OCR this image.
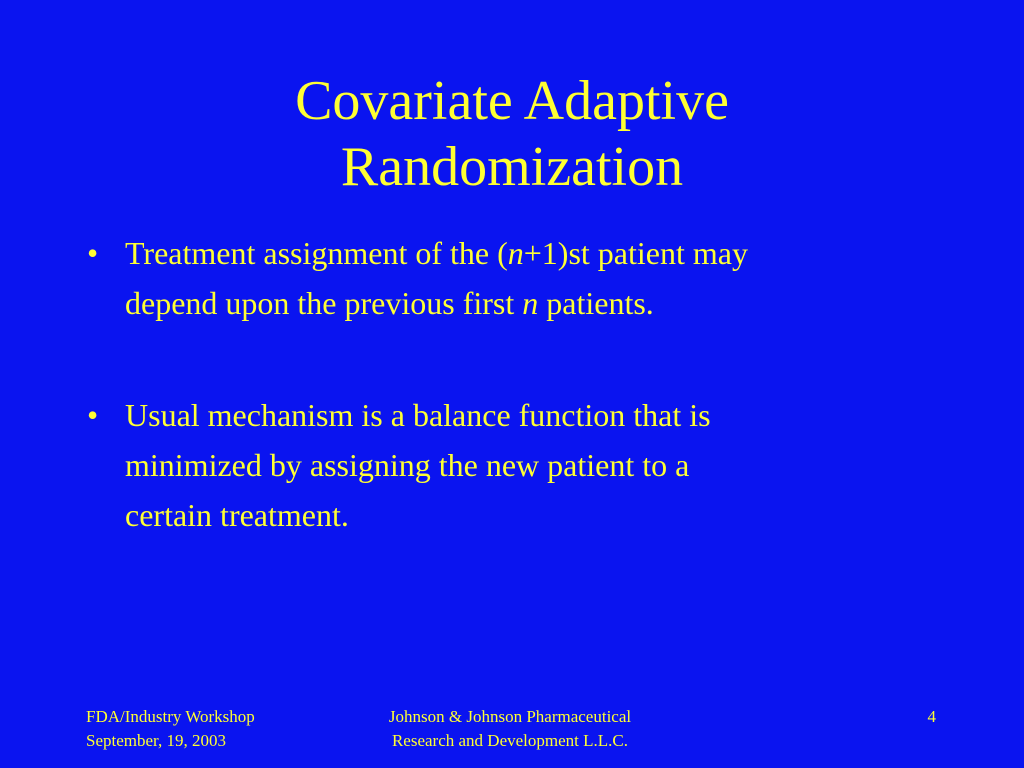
Covariate Adaptive
Randomization
• Treatment assignment of the (n+1)st patient may
depend upon the previous first n patients.
• Usual mechanism is a balance function that is
minimized by assigning the new patient to a
certain treatment.
FDA/Industry Workshop
September, 19, 2003
Johnson & Johnson Pharmaceutical
Research and Development L.L.C.
4
